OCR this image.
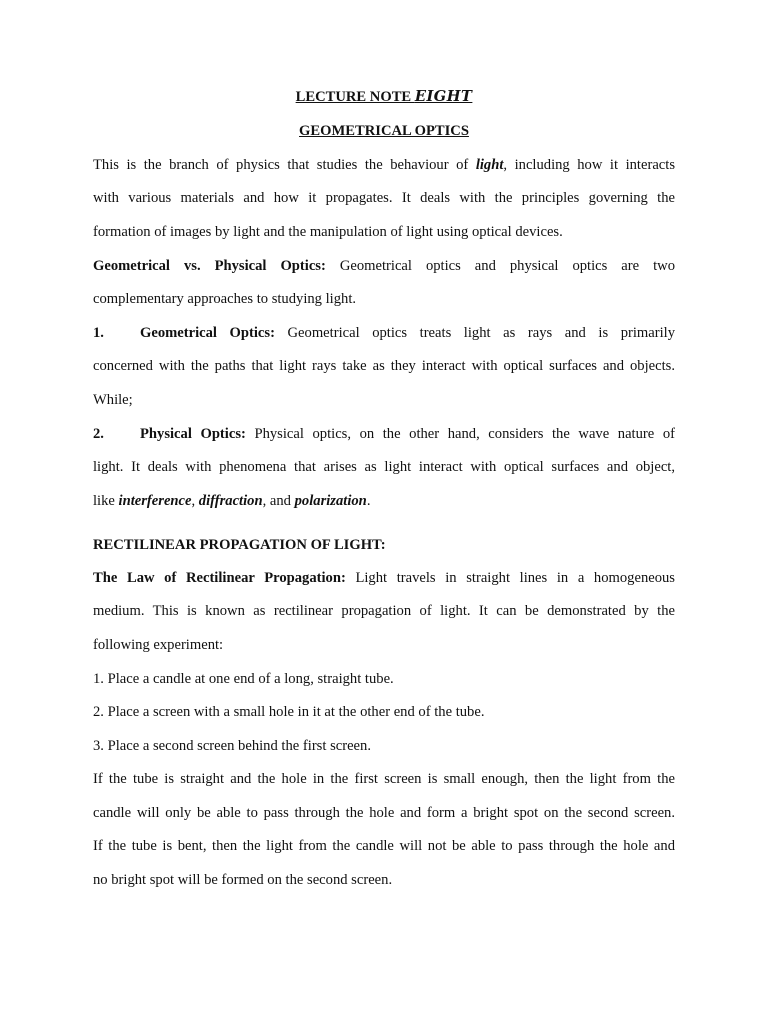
LECTURE NOTE EIGHT
GEOMETRICAL OPTICS
This is the branch of physics that studies the behaviour of light, including how it interacts
with various materials and how it propagates. It deals with the principles governing the
formation of images by light and the manipulation of light using optical devices.
Geometrical vs. Physical Optics: Geometrical optics and physical optics are two
complementary approaches to studying light.
1. Geometrical Optics: Geometrical optics treats light as rays and is primarily
concerned with the paths that light rays take as they interact with optical surfaces and objects.
While;
2. Physical Optics: Physical optics, on the other hand, considers the wave nature of
light. It deals with phenomena that arises as light interact with optical surfaces and object,
like interference, diffraction, and polarization.
RECTILINEAR PROPAGATION OF LIGHT:
The Law of Rectilinear Propagation: Light travels in straight lines in a homogeneous
medium. This is known as rectilinear propagation of light. It can be demonstrated by the
following experiment:
1. Place a candle at one end of a long, straight tube.
2. Place a screen with a small hole in it at the other end of the tube.
3. Place a second screen behind the first screen.
If the tube is straight and the hole in the first screen is small enough, then the light from the
candle will only be able to pass through the hole and form a bright spot on the second screen.
If the tube is bent, then the light from the candle will not be able to pass through the hole and
no bright spot will be formed on the second screen.
